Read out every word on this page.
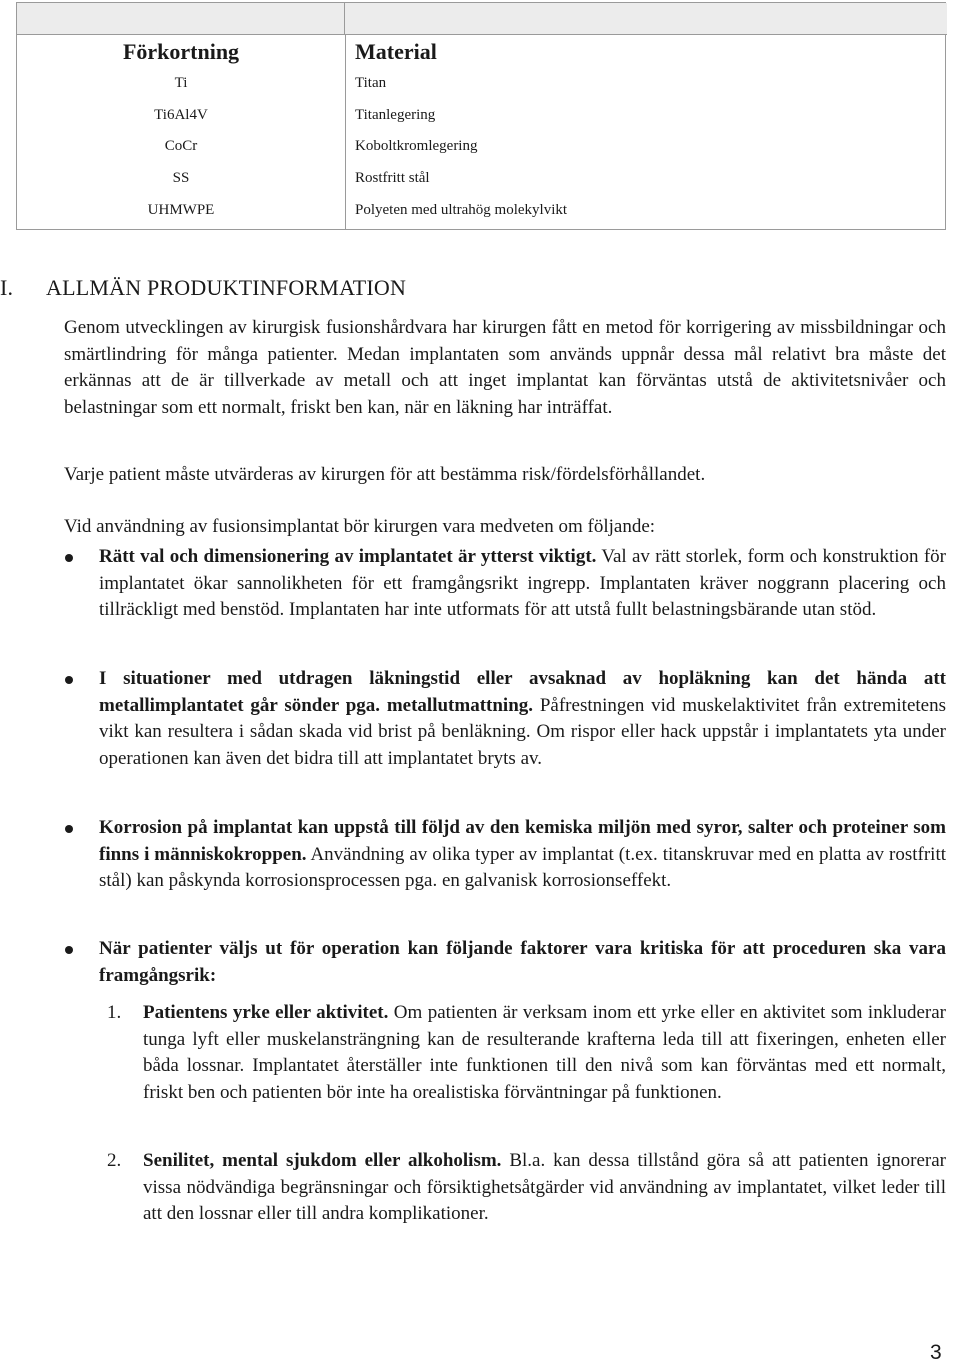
Förkortning	Material
Ti	Titan
Ti6Al4V	Titanlegering
CoCr	Koboltkromlegering
SS	Rostfritt stål
UHMWPE	Polyeten med ultrahög molekylvikt
I. ALLMÄN PRODUKTINFORMATION

Genom utvecklingen av kirurgisk fusionshårdvara har kirurgen fått en metod för korrigering av missbildningar och smärtlindring för många patienter. Medan implantaten som används uppnår dessa mål relativt bra måste det erkännas att de är tillverkade av metall och att inget implantat kan förväntas utstå de aktivitetsnivåer och belastningar som ett normalt, friskt ben kan, när en läkning har inträffat.

Varje patient måste utvärderas av kirurgen för att bestämma risk/fördelsförhållandet.

Vid användning av fusionsimplantat bör kirurgen vara medveten om följande:

Rätt val och dimensionering av implantatet är ytterst viktigt. Val av rätt storlek, form och konstruktion för implantatet ökar sannolikheten för ett framgångsrikt ingrepp. Implantaten kräver noggrann placering och tillräckligt med benstöd. Implantaten har inte utformats för att utstå fullt belastningsbärande utan stöd.
I situationer med utdragen läkningstid eller avsaknad av hopläkning kan det hända att metallimplantatet går sönder pga. metallutmattning. Påfrestningen vid muskelaktivitet från extremitetens vikt kan resultera i sådan skada vid brist på benläkning. Om rispor eller hack uppstår i implantatets yta under operationen kan även det bidra till att implantatet bryts av.
Korrosion på implantat kan uppstå till följd av den kemiska miljön med syror, salter och proteiner som finns i människokroppen. Användning av olika typer av implantat (t.ex. titanskruvar med en platta av rostfritt stål) kan påskynda korrosionsprocessen pga. en galvanisk korrosionseffekt.
När patienter väljs ut för operation kan följande faktorer vara kritiska för att proceduren ska vara framgångsrik:
1. Patientens yrke eller aktivitet. Om patienten är verksam inom ett yrke eller en aktivitet som inkluderar tunga lyft eller muskelansträngning kan de resulterande krafterna leda till att fixeringen, enheten eller båda lossnar. Implantatet återställer inte funktionen till den nivå som kan förväntas med ett normalt, friskt ben och patienten bör inte ha orealistiska förväntningar på funktionen.
2. Senilitet, mental sjukdom eller alkoholism. Bl.a. kan dessa tillstånd göra så att patienten ignorerar vissa nödvändiga begränsningar och försiktighetsåtgärder vid användning av implantatet, vilket leder till att den lossnar eller till andra komplikationer.
3
